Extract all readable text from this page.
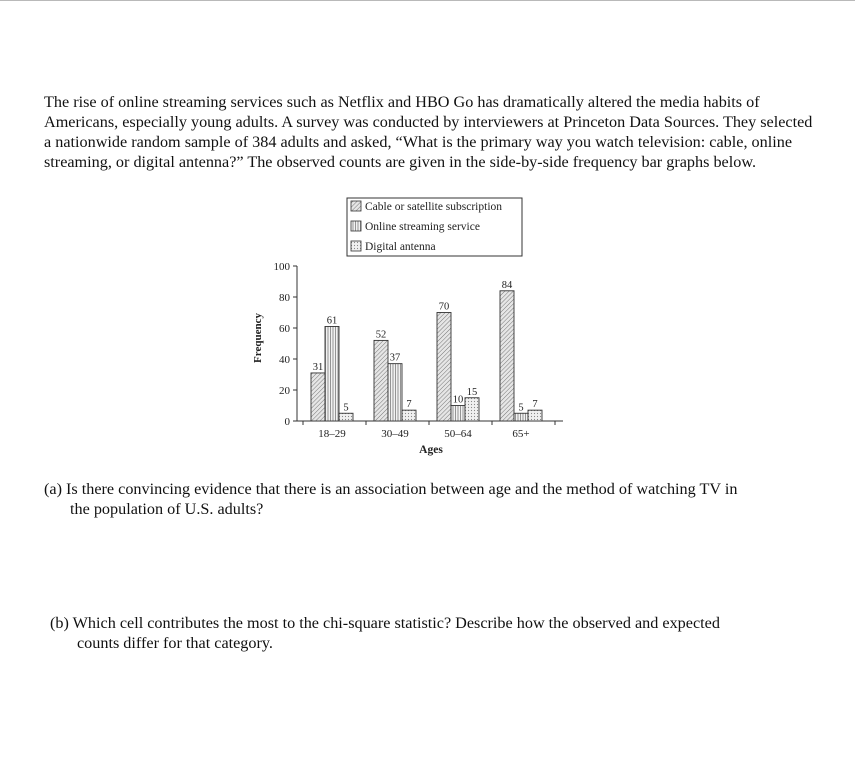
The rise of online streaming services such as Netflix and HBO Go has dramatically altered the media habits of Americans, especially young adults. A survey was conducted by interviewers at Princeton Data Sources. They selected a nationwide random sample of 384 adults and asked, “What is the primary way you watch television: cable, online streaming, or digital antenna?” The observed counts are given in the side-by-side frequency bar graphs below.

Cable or satellite subscription
Online streaming service
Digital antenna
Frequency
Ages
0
20
40
60
80
100
31
61
5
18–29
52
37
7
30–49
70
10
15
50–64
84
5 7
65+
(a) Is there convincing evidence that there is an association between age and the method of watching TV in
the population of U.S. adults?
(b) Which cell contributes the most to the chi-square statistic? Describe how the observed and expected
counts differ for that category.
